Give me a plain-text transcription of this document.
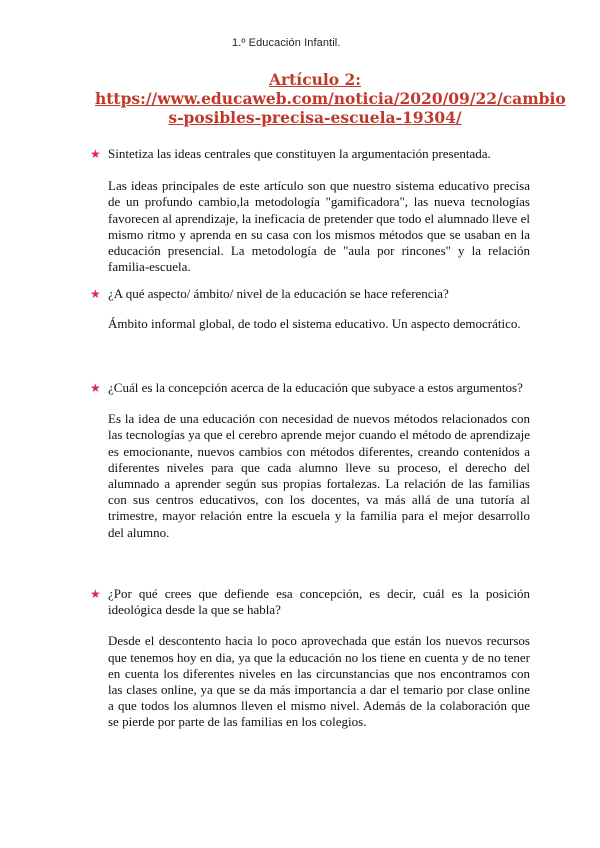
1.º Educación Infantil.
Artículo 2:
https://www.educaweb.com/noticia/2020/09/22/cambio
s-posibles-precisa-escuela-19304/
★ Sintetiza las ideas centrales que constituyen la argumentación presentada.
Las ideas principales de este artículo son que nuestro sistema educativo precisa de un profundo cambio,la metodología "gamificadora", las nueva tecnologías favorecen al aprendizaje, la ineficacia de pretender que todo el alumnado lleve el mismo ritmo y aprenda en su casa con los mismos métodos que se usaban en la educación presencial. La metodología de "aula por rincones" y la relación familia-escuela.
★ ¿A qué aspecto/ ámbito/ nivel de la educación se hace referencia?
Ámbito informal global, de todo el sistema educativo. Un aspecto democrático.
★ ¿Cuál es la concepción acerca de la educación que subyace a estos argumentos?
Es la idea de una educación con necesidad de nuevos métodos relacionados con las tecnologías ya que el cerebro aprende mejor cuando el método de aprendizaje es emocionante, nuevos cambios con métodos diferentes, creando contenidos a diferentes niveles para que cada alumno lleve su proceso, el derecho del alumnado a aprender según sus propias fortalezas. La relación de las familias con sus centros educativos, con los docentes, va más allá de una tutoría al trimestre, mayor relación entre la escuela y la familia para el mejor desarrollo del alumno.
★ ¿Por qué crees que defiende esa concepción, es decir, cuál es la posición ideológica desde la que se habla?
Desde el descontento hacia lo poco aprovechada que están los nuevos recursos que tenemos hoy en dia, ya que la educación no los tiene en cuenta y de no tener en cuenta los diferentes niveles en las circunstancias que nos encontramos con las clases online, ya que se da más importancia a dar el temario por clase online a que todos los alumnos lleven el mismo nivel. Además de la colaboración que se pierde por parte de las familias en los colegios.
